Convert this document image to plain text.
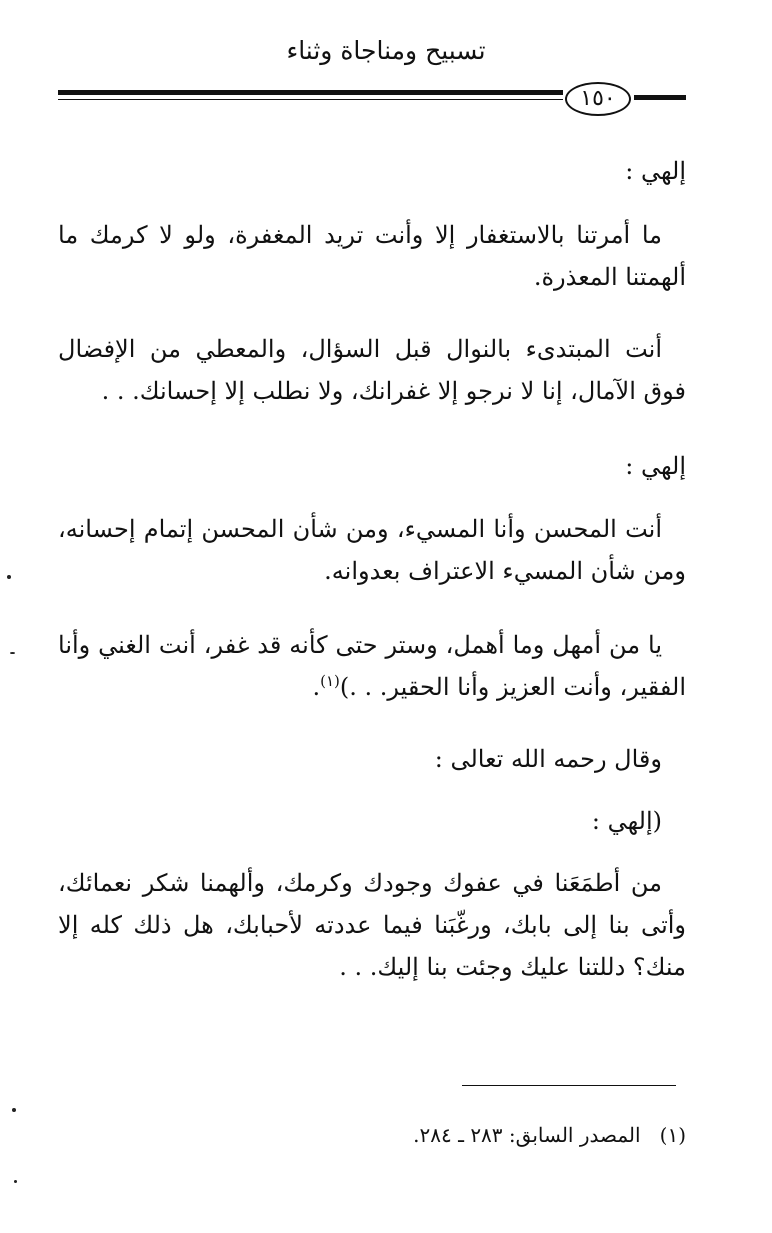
تسبيح ومناجاة وثناء
١٥٠
إلهي :
ما أمرتنا بالاستغفار إلا وأنت تريد المغفرة، ولو لا كرمك ما ألهمتنا المعذرة.
أنت المبتدىء بالنوال قبل السؤال، والمعطي من الإفضال فوق الآمال، إنا لا نرجو إلا غفرانك، ولا نطلب إلا إحسانك. . .
إلهي :
أنت المحسن وأنا المسيء، ومن شأن المحسن إتمام إحسانه، ومن شأن المسيء الاعتراف بعدوانه.
يا من أمهل وما أهمل، وستر حتى كأنه قد غفر، أنت الغني وأنا الفقير، وأنت العزيز وأنا الحقير. . .)$^{(١)}$.
وقال رحمه الله تعالى :
(إلهي :
من أطمَعَنا في عفوك وجودك وكرمك، وألهمنا شكر نعمائك، وأتى بنا إلى بابك، ورغّبَنا فيما عددته لأحبابك، هل ذلك كله إلا منك؟ دللتنا عليك وجئت بنا إليك. . .
(١)   المصدر السابق: ٢٨٣ ـ ٢٨٤.
